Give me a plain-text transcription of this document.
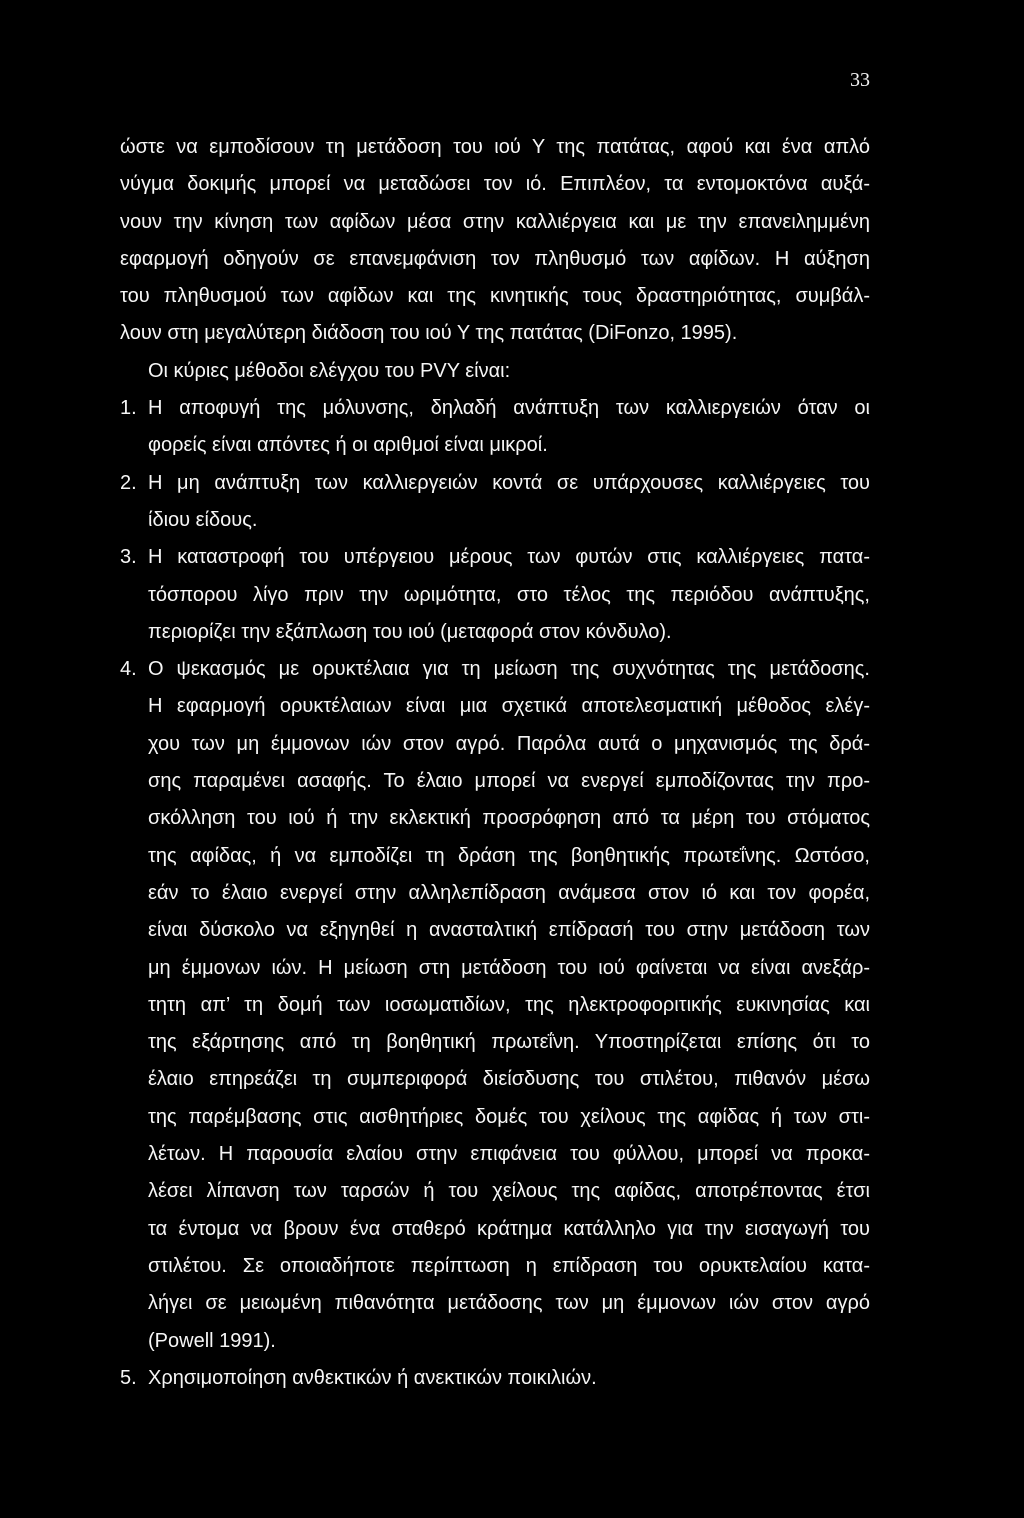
33
ώστε να εμποδίσουν τη μετάδοση του ιού Υ της πατάτας, αφού και ένα απλό
νύγμα δοκιμής μπορεί να μεταδώσει τον ιό. Επιπλέον, τα εντομοκτόνα αυξά-
νουν την κίνηση των αφίδων μέσα στην καλλιέργεια και με την επανειλημμένη
εφαρμογή οδηγούν σε επανεμφάνιση τον πληθυσμό των αφίδων. Η αύξηση
του πληθυσμού των αφίδων και της κινητικής τους δραστηριότητας, συμβάλ-
λουν στη μεγαλύτερη διάδοση του ιού Υ της πατάτας (DiFonzo, 1995).
Οι κύριες μέθοδοι ελέγχου του PVY είναι:
1. Η αποφυγή της μόλυνσης, δηλαδή ανάπτυξη των καλλιεργειών όταν οι
φορείς είναι απόντες ή οι αριθμοί είναι μικροί.
2. Η μη ανάπτυξη των καλλιεργειών κοντά σε υπάρχουσες καλλιέργειες του
ίδιου είδους.
3. Η καταστροφή του υπέργειου μέρους των φυτών στις καλλιέργειες πατα-
τόσπορου λίγο πριν την ωριμότητα, στο τέλος της περιόδου ανάπτυξης,
περιορίζει την εξάπλωση του ιού (μεταφορά στον κόνδυλο).
4. Ο ψεκασμός με ορυκτέλαια για τη μείωση της συχνότητας της μετάδοσης.
Η εφαρμογή ορυκτέλαιων είναι μια σχετικά αποτελεσματική μέθοδος ελέγ-
χου των μη έμμονων ιών στον αγρό. Παρόλα αυτά ο μηχανισμός της δρά-
σης παραμένει ασαφής. Το έλαιο μπορεί να ενεργεί εμποδίζοντας την προ-
σκόλληση του ιού ή την εκλεκτική προσρόφηση από τα μέρη του στόματος
της αφίδας, ή να εμποδίζει τη δράση της βοηθητικής πρωτεΐνης. Ωστόσο,
εάν το έλαιο ενεργεί στην αλληλεπίδραση ανάμεσα στον ιό και τον φορέα,
είναι δύσκολο να εξηγηθεί η ανασταλτική επίδρασή του στην μετάδοση των
μη έμμονων ιών. Η μείωση στη μετάδοση του ιού φαίνεται να είναι ανεξάρ-
τητη απ’ τη δομή των ιοσωματιδίων, της ηλεκτροφοριτικής ευκινησίας και
της εξάρτησης από τη βοηθητική πρωτεΐνη. Υποστηρίζεται επίσης ότι το
έλαιο επηρεάζει τη συμπεριφορά διείσδυσης του στιλέτου, πιθανόν μέσω
της παρέμβασης στις αισθητήριες δομές του χείλους της αφίδας ή των στι-
λέτων. Η παρουσία ελαίου στην επιφάνεια του φύλλου, μπορεί να προκα-
λέσει λίπανση των ταρσών ή του χείλους της αφίδας, αποτρέποντας έτσι
τα έντομα να βρουν ένα σταθερό κράτημα κατάλληλο για την εισαγωγή του
στιλέτου. Σε οποιαδήποτε περίπτωση η επίδραση του ορυκτελαίου κατα-
λήγει σε μειωμένη πιθανότητα μετάδοσης των μη έμμονων ιών στον αγρό
(Powell 1991).
5. Χρησιμοποίηση ανθεκτικών ή ανεκτικών ποικιλιών.
